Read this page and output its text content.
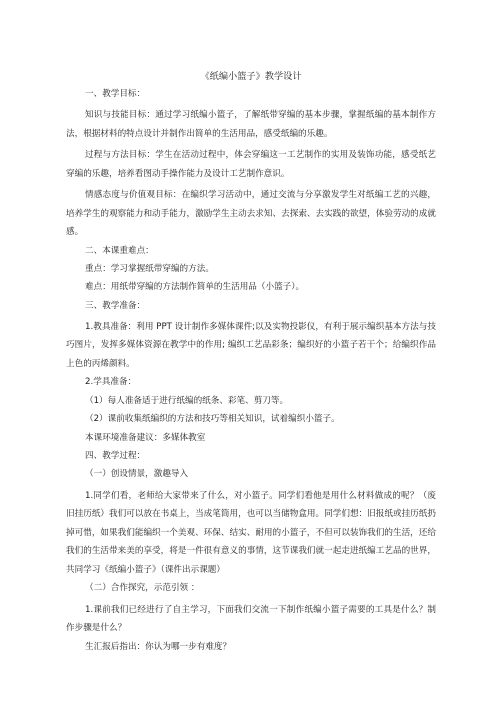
《纸编小篮子》教学设计
一、教学目标：
知识与技能目标：通过学习纸编小篮子，了解纸带穿编的基本步骤，掌握纸编的基本制作方法，根据材料的特点设计并制作出简单的生活用品，感受纸编的乐趣。
过程与方法目标：学生在活动过程中，体会穿编这一工艺制作的实用及装饰功能，感受纸艺穿编的乐趣，培养看图动手操作能力及设计工艺制作意识。
情感态度与价值观目标：在编织学习活动中，通过交流与分享激发学生对纸编工艺的兴趣，培养学生的观察能力和动手能力，激励学生主动去求知、去探索、去实践的欲望，体验劳动的成就感。
二、本课重难点：
重点：学习掌握纸带穿编的方法。
难点：用纸带穿编的方法制作简单的生活用品（小篮子）。
三、教学准备：
1.教具准备：利用 PPT 设计制作多媒体课件;以及实物投影仪，有利于展示编织基本方法与技巧图片，发挥多媒体资源在教学中的作用; 编织工艺品彩条；编织好的小篮子若干个；给编织作品上色的丙烯颜料。
2.学具准备：
（1）每人准备适于进行纸编的纸条、彩笔、剪刀等。
（2）课前收集纸编织的方法和技巧等相关知识，试着编织小篮子。
本课环境准备建议：多媒体教室
四、教学过程：
（一）创设情景，激趣导入
1.同学们看，老师给大家带来了什么，对小篮子。同学们看他是用什么材料做成的呢？（废旧挂历纸）我们可以放在书桌上，当成笔筒用，也可以当储物盒用。同学们想：旧报纸或挂历纸扔掉可惜，如果我们能编织一个美观、环保、结实、耐用的小篮子，不但可以装饰我们的生活，还给我们的生活带来美的享受，将是一件很有意义的事情，这节课我们就一起走进纸编工艺品的世界，共同学习《纸编小篮子》（课件出示课题）
（二）合作探究，示范引领 ：
1.课前我们已经进行了自主学习，下面我们交流一下制作纸编小篮子需要的工具是什么？制作步骤是什么？
生汇报后指出：你认为哪一步有难度？
